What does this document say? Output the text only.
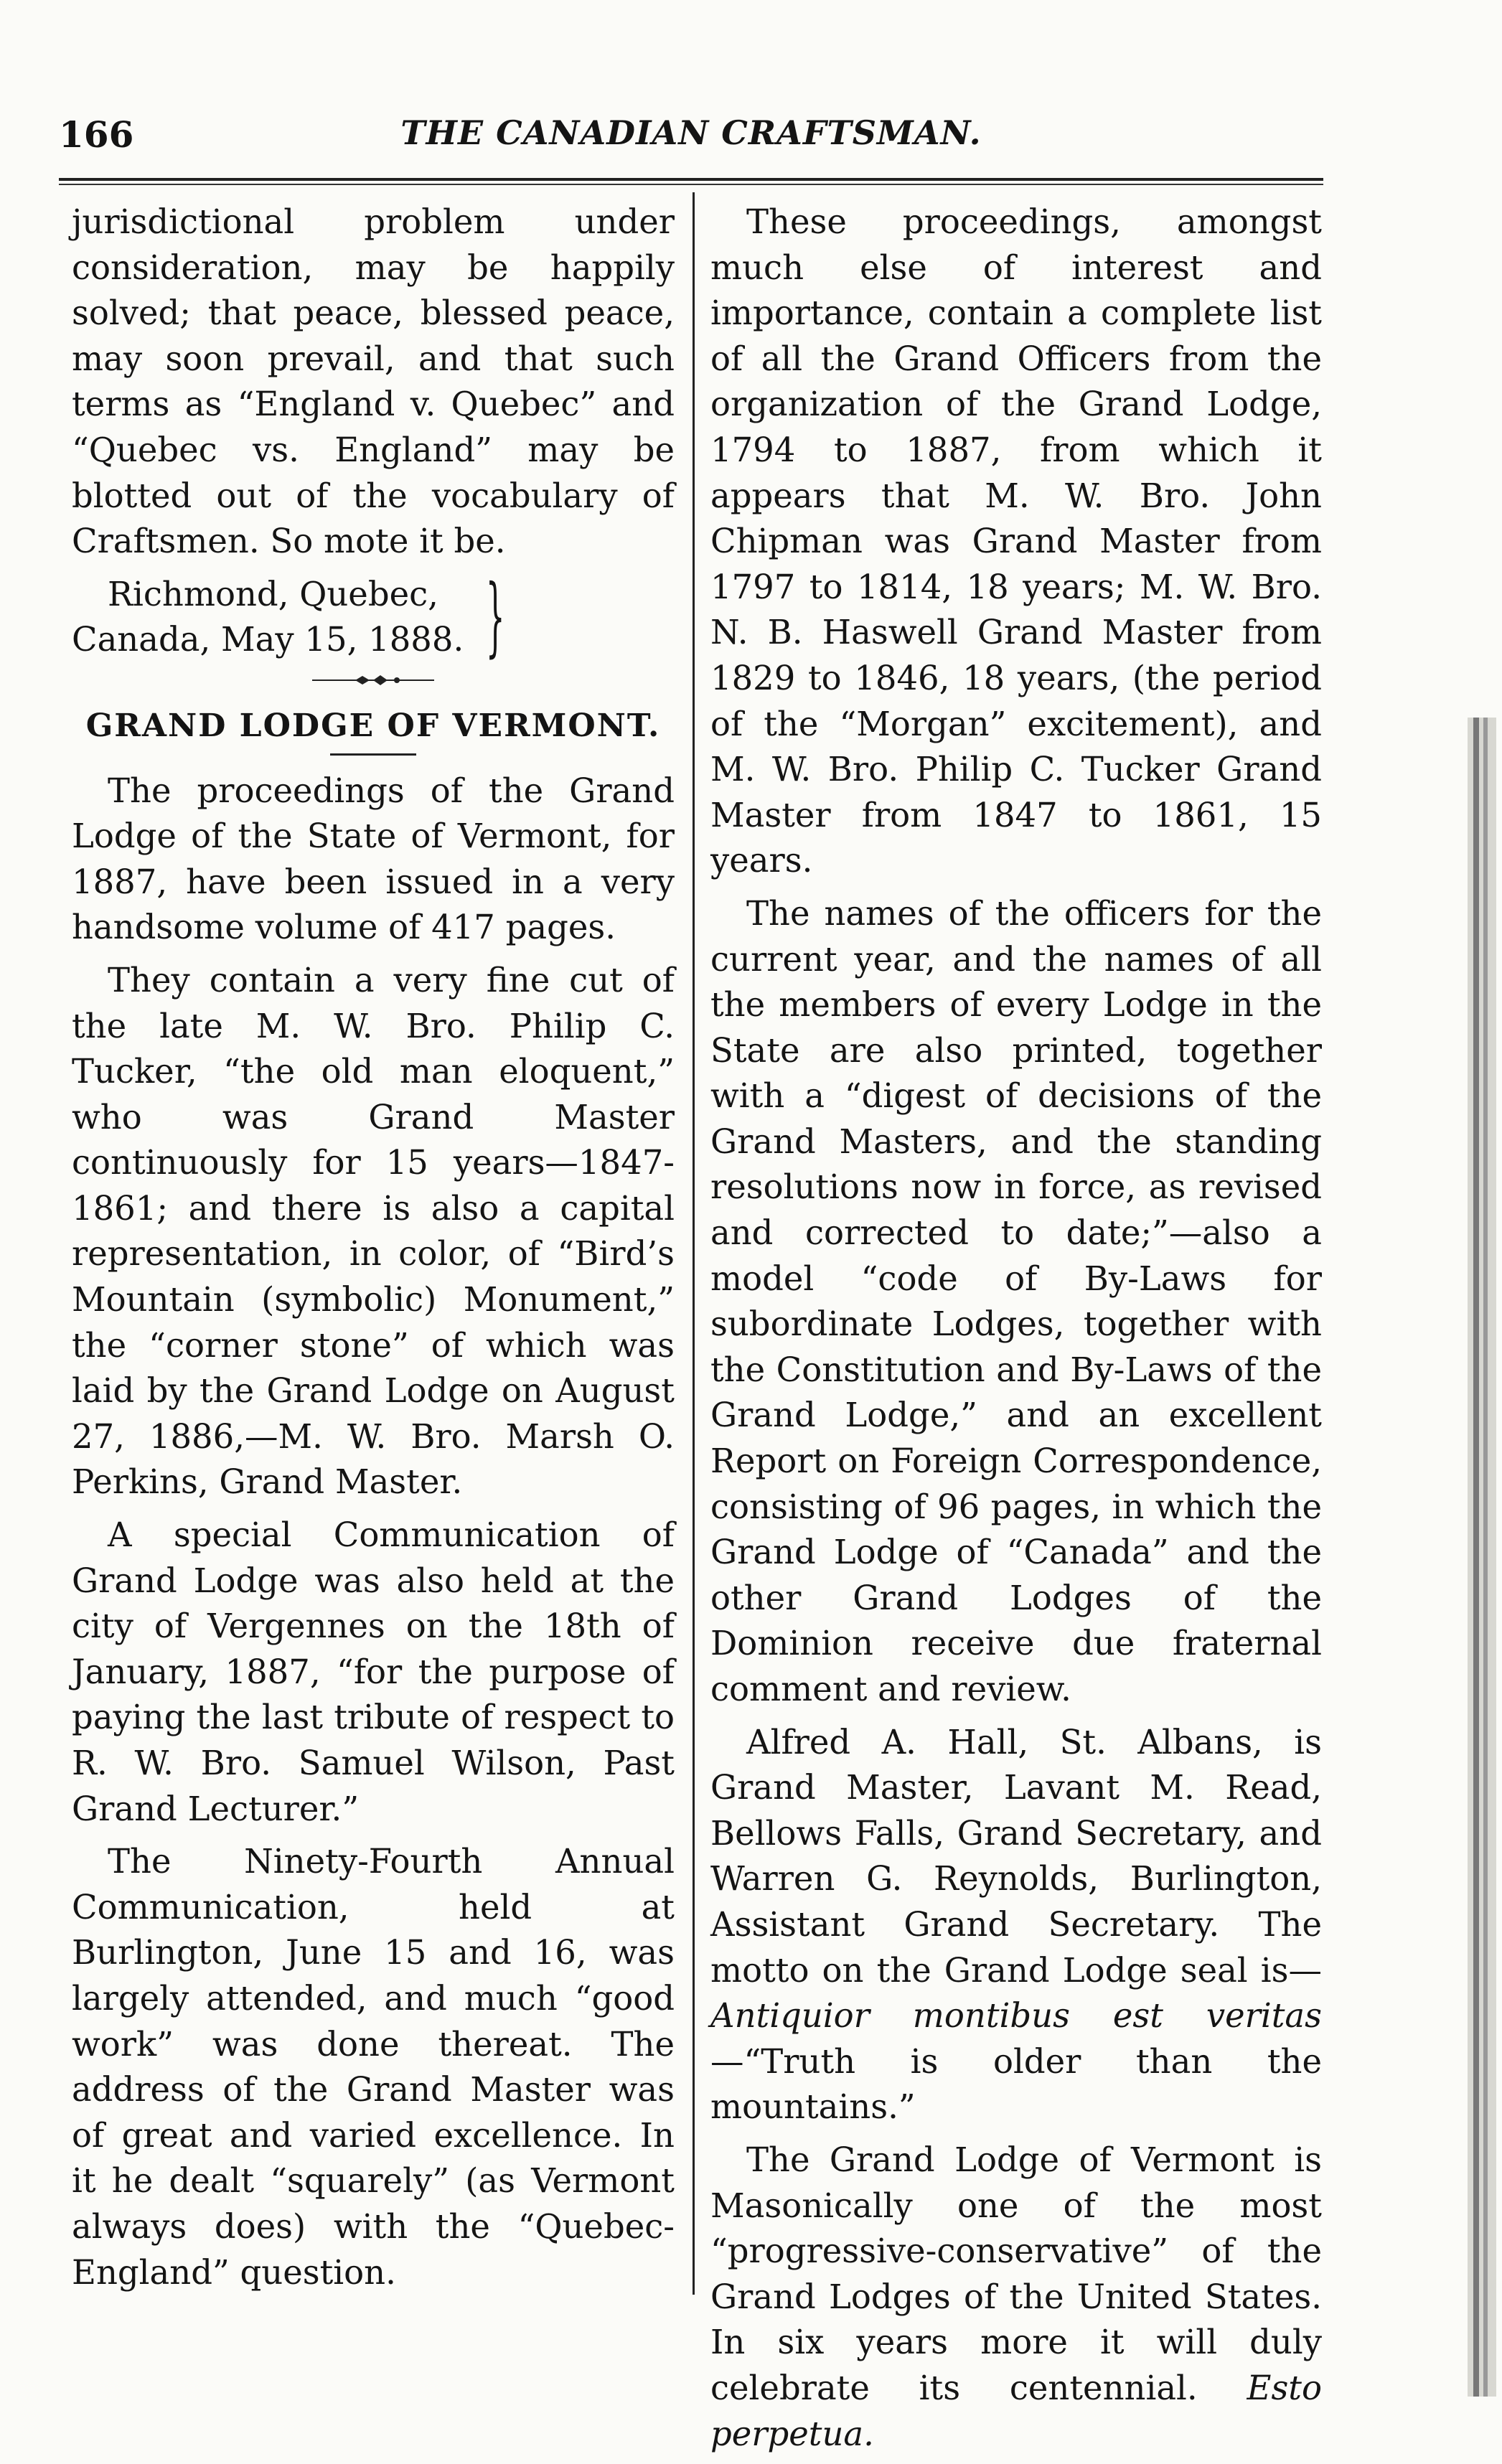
166	THE CANADIAN CRAFTSMAN.

jurisdictional problem under consideration, may be happily solved; that peace, blessed peace, may soon prevail, and that such terms as “England v. Quebec” and “Quebec vs. England” may be blotted out of the vocabulary of Craftsmen. So mote it be.

Richmond, Quebec,
Canada, May 15, 1888. }
GRAND LODGE OF VERMONT.

The proceedings of the Grand Lodge of the State of Vermont, for 1887, have been issued in a very handsome volume of 417 pages.

They contain a very fine cut of the late M. W. Bro. Philip C. Tucker, “the old man eloquent,” who was Grand Master continuously for 15 years—1847-1861; and there is also a capital representation, in color, of “Bird’s Mountain (symbolic) Monument,” the “corner stone” of which was laid by the Grand Lodge on August 27, 1886,—M. W. Bro. Marsh O. Perkins, Grand Master.

A special Communication of Grand Lodge was also held at the city of Vergennes on the 18th of January, 1887, “for the purpose of paying the last tribute of respect to R. W. Bro. Samuel Wilson, Past Grand Lecturer.”

The Ninety-Fourth Annual Communication, held at Burlington, June 15 and 16, was largely attended, and much “good work” was done thereat. The address of the Grand Master was of great and varied excellence. In it he dealt “squarely” (as Vermont always does) with the “Quebec-England” question.

These proceedings, amongst much else of interest and importance, contain a complete list of all the Grand Officers from the organization of the Grand Lodge, 1794 to 1887, from which it appears that M. W. Bro. John Chipman was Grand Master from 1797 to 1814, 18 years; M. W. Bro. N. B. Haswell Grand Master from 1829 to 1846, 18 years, (the period of the “Morgan” excitement), and M. W. Bro. Philip C. Tucker Grand Master from 1847 to 1861, 15 years.

The names of the officers for the current year, and the names of all the members of every Lodge in the State are also printed, together with a “digest of decisions of the Grand Masters, and the standing resolutions now in force, as revised and corrected to date;”—also a model “code of By-Laws for subordinate Lodges, together with the Constitution and By-Laws of the Grand Lodge,” and an excellent Report on Foreign Correspondence, consisting of 96 pages, in which the Grand Lodge of “Canada” and the other Grand Lodges of the Dominion receive due fraternal comment and review.

Alfred A. Hall, St. Albans, is Grand Master, Lavant M. Read, Bellows Falls, Grand Secretary, and Warren G. Reynolds, Burlington, Assistant Grand Secretary. The motto on the Grand Lodge seal is—Antiquior montibus est veritas—“Truth is older than the mountains.”

The Grand Lodge of Vermont is Masonically one of the most “progressive-conservative” of the Grand Lodges of the United States. In six years more it will duly celebrate its centennial. Esto perpetua.
